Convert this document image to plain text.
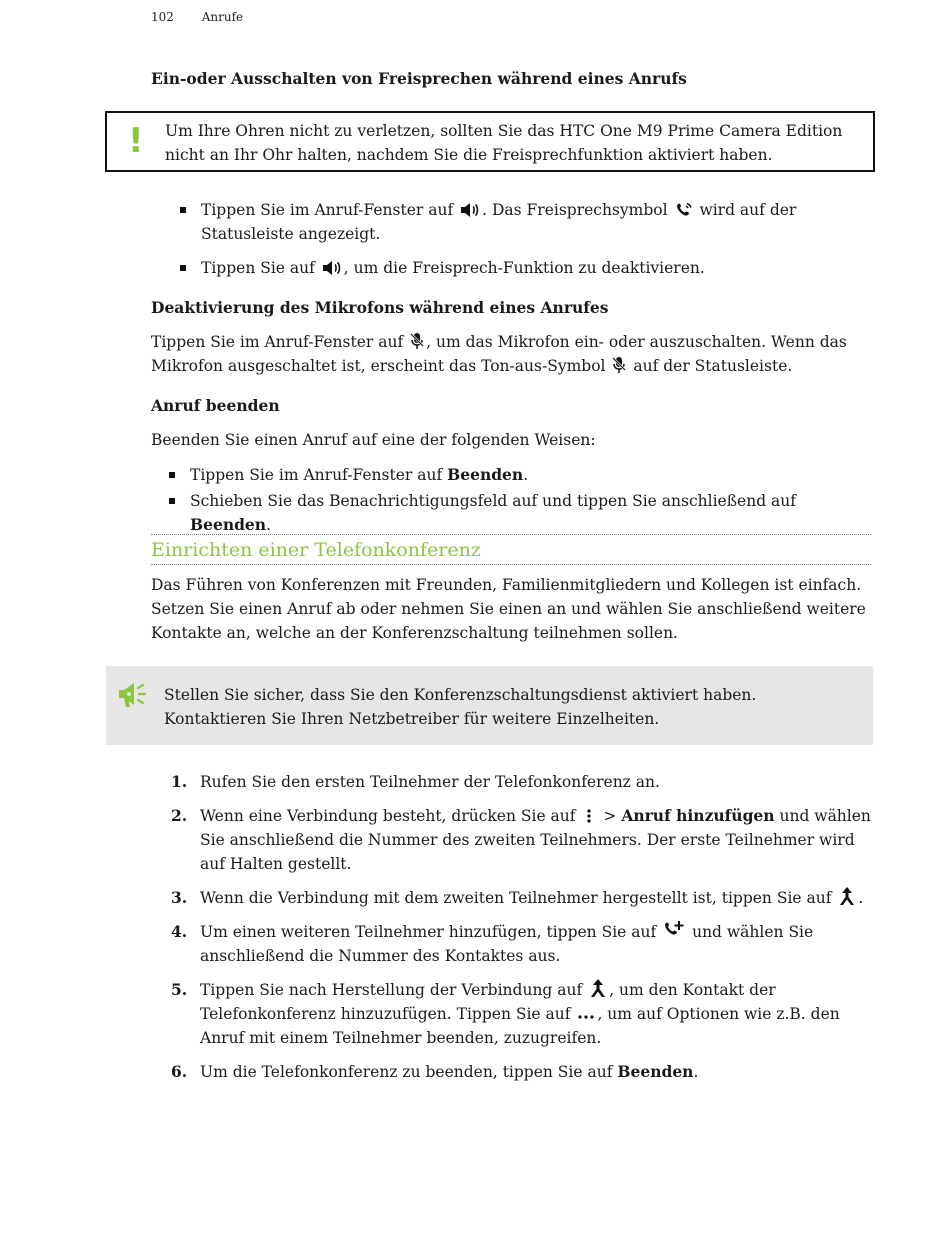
102 Anrufe
Ein-oder Ausschalten von Freisprechen während eines Anrufs
! Um Ihre Ohren nicht zu verletzen, sollten Sie das HTC One M9 Prime Camera Edition nicht an Ihr Ohr halten, nachdem Sie die Freisprechfunktion aktiviert haben.
Tippen Sie im Anruf-Fenster auf . Das Freisprechsymbol wird auf der Statusleiste angezeigt.
Tippen Sie auf , um die Freisprech-Funktion zu deaktivieren.
Deaktivierung des Mikrofons während eines Anrufes

Tippen Sie im Anruf-Fenster auf , um das Mikrofon ein- oder auszuschalten. Wenn das Mikrofon ausgeschaltet ist, erscheint das Ton-aus-Symbol auf der Statusleiste.

Anruf beenden

Beenden Sie einen Anruf auf eine der folgenden Weisen:

Tippen Sie im Anruf-Fenster auf Beenden.
Schieben Sie das Benachrichtigungsfeld auf und tippen Sie anschließend auf Beenden.
Einrichten einer Telefonkonferenz

Das Führen von Konferenzen mit Freunden, Familienmitgliedern und Kollegen ist einfach. Setzen Sie einen Anruf ab oder nehmen Sie einen an und wählen Sie anschließend weitere Kontakte an, welche an der Konferenzschaltung teilnehmen sollen.

Stellen Sie sicher, dass Sie den Konferenzschaltungsdienst aktiviert haben. Kontaktieren Sie Ihren Netzbetreiber für weitere Einzelheiten.
1. Rufen Sie den ersten Teilnehmer der Telefonkonferenz an.
2. Wenn eine Verbindung besteht, drücken Sie auf > Anruf hinzufügen und wählen Sie anschließend die Nummer des zweiten Teilnehmers. Der erste Teilnehmer wird auf Halten gestellt.
3. Wenn die Verbindung mit dem zweiten Teilnehmer hergestellt ist, tippen Sie auf .
4. Um einen weiteren Teilnehmer hinzufügen, tippen Sie auf und wählen Sie anschließend die Nummer des Kontaktes aus.
5. Tippen Sie nach Herstellung der Verbindung auf , um den Kontakt der Telefonkonferenz hinzuzufügen. Tippen Sie auf , um auf Optionen wie z.B. den Anruf mit einem Teilnehmer beenden, zuzugreifen.
6. Um die Telefonkonferenz zu beenden, tippen Sie auf Beenden.
